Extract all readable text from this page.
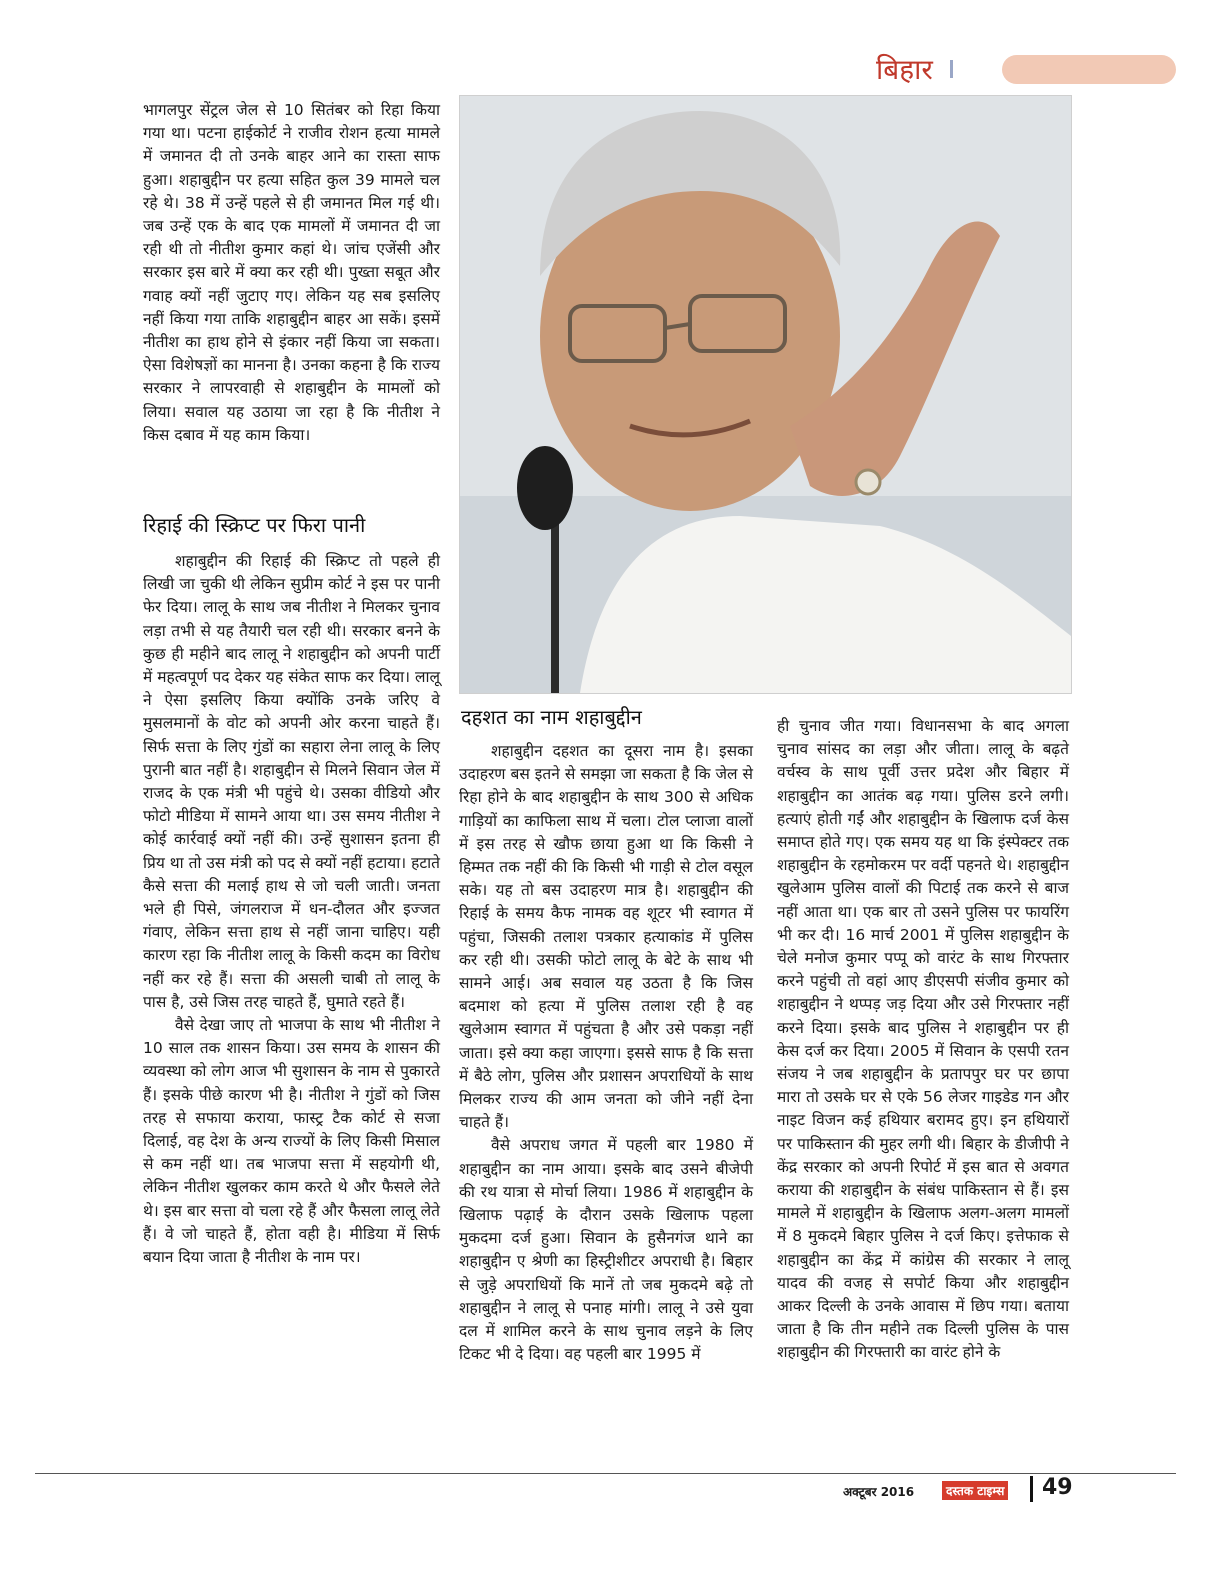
बिहार

भागलपुर सेंट्रल जेल से 10 सितंबर को रिहा किया गया था। पटना हाईकोर्ट ने राजीव रोशन हत्या मामले में जमानत दी तो उनके बाहर आने का रास्ता साफ हुआ। शहाबुद्दीन पर हत्या सहित कुल 39 मामले चल रहे थे। 38 में उन्हें पहले से ही जमानत मिल गई थी। जब उन्हें एक के बाद एक मामलों में जमानत दी जा रही थी तो नीतीश कुमार कहां थे। जांच एजेंसी और सरकार इस बारे में क्या कर रही थी। पुख्ता सबूत और गवाह क्यों नहीं जुटाए गए। लेकिन यह सब इसलिए नहीं किया गया ताकि शहाबुद्दीन बाहर आ सकें। इसमें नीतीश का हाथ होने से इंकार नहीं किया जा सकता। ऐसा विशेषज्ञों का मानना है। उनका कहना है कि राज्य सरकार ने लापरवाही से शहाबुद्दीन के मामलों को लिया। सवाल यह उठाया जा रहा है कि नीतीश ने किस दबाव में यह काम किया।

रिहाई की स्क्रिप्ट पर फिरा पानी

शहाबुद्दीन की रिहाई की स्क्रिप्ट तो पहले ही लिखी जा चुकी थी लेकिन सुप्रीम कोर्ट ने इस पर पानी फेर दिया। लालू के साथ जब नीतीश ने मिलकर चुनाव लड़ा तभी से यह तैयारी चल रही थी। सरकार बनने के कुछ ही महीने बाद लालू ने शहाबुद्दीन को अपनी पार्टी में महत्वपूर्ण पद देकर यह संकेत साफ कर दिया। लालू ने ऐसा इसलिए किया क्योंकि उनके जरिए वे मुसलमानों के वोट को अपनी ओर करना चाहते हैं। सिर्फ सत्ता के लिए गुंडों का सहारा लेना लालू के लिए पुरानी बात नहीं है। शहाबुद्दीन से मिलने सिवान जेल में राजद के एक मंत्री भी पहुंचे थे। उसका वीडियो और फोटो मीडिया में सामने आया था। उस समय नीतीश ने कोई कार्रवाई क्यों नहीं की। उन्हें सुशासन इतना ही प्रिय था तो उस मंत्री को पद से क्यों नहीं हटाया। हटाते कैसे सत्ता की मलाई हाथ से जो चली जाती। जनता भले ही पिसे, जंगलराज में धन-दौलत और इज्जत गंवाए, लेकिन सत्ता हाथ से नहीं जाना चाहिए। यही कारण रहा कि नीतीश लालू के किसी कदम का विरोध नहीं कर रहे हैं। सत्ता की असली चाबी तो लालू के पास है, उसे जिस तरह चाहते हैं, घुमाते रहते हैं।

वैसे देखा जाए तो भाजपा के साथ भी नीतीश ने 10 साल तक शासन किया। उस समय के शासन की व्यवस्था को लोग आज भी सुशासन के नाम से पुकारते हैं। इसके पीछे कारण भी है। नीतीश ने गुंडों को जिस तरह से सफाया कराया, फास्ट्र टैक कोर्ट से सजा दिलाई, वह देश के अन्य राज्यों के लिए किसी मिसाल से कम नहीं था। तब भाजपा सत्ता में सहयोगी थी, लेकिन नीतीश खुलकर काम करते थे और फैसले लेते थे। इस बार सत्ता वो चला रहे हैं और फैसला लालू लेते हैं। वे जो चाहते हैं, होता वही है। मीडिया में सिर्फ बयान दिया जाता है नीतीश के नाम पर।

दहशत का नाम शहाबुद्दीन

शहाबुद्दीन दहशत का दूसरा नाम है। इसका उदाहरण बस इतने से समझा जा सकता है कि जेल से रिहा होने के बाद शहाबुद्दीन के साथ 300 से अधिक गाड़ियों का काफिला साथ में चला। टोल प्लाजा वालों में इस तरह से खौफ छाया हुआ था कि किसी ने हिम्मत तक नहीं की कि किसी भी गाड़ी से टोल वसूल सके। यह तो बस उदाहरण मात्र है। शहाबुद्दीन की रिहाई के समय कैफ नामक वह शूटर भी स्वागत में पहुंचा, जिसकी तलाश पत्रकार हत्याकांड में पुलिस कर रही थी। उसकी फोटो लालू के बेटे के साथ भी सामने आई। अब सवाल यह उठता है कि जिस बदमाश को हत्या में पुलिस तलाश रही है वह खुलेआम स्वागत में पहुंचता है और उसे पकड़ा नहीं जाता। इसे क्या कहा जाएगा। इससे साफ है कि सत्ता में बैठे लोग, पुलिस और प्रशासन अपराधियों के साथ मिलकर राज्य की आम जनता को जीने नहीं देना चाहते हैं।

वैसे अपराध जगत में पहली बार 1980 में शहाबुद्दीन का नाम आया। इसके बाद उसने बीजेपी की रथ यात्रा से मोर्चा लिया। 1986 में शहाबुद्दीन के खिलाफ पढ़ाई के दौरान उसके खिलाफ पहला मुकदमा दर्ज हुआ। सिवान के हुसैनगंज थाने का शहाबुद्दीन ए श्रेणी का हिस्ट्रीशीटर अपराधी है। बिहार से जुड़े अपराधियों कि मानें तो जब मुकदमे बढ़े तो शहाबुद्दीन ने लालू से पनाह मांगी। लालू ने उसे युवा दल में शामिल करने के साथ चुनाव लड़ने के लिए टिकट भी दे दिया। वह पहली बार 1995 में

ही चुनाव जीत गया। विधानसभा के बाद अगला चुनाव सांसद का लड़ा और जीता। लालू के बढ़ते वर्चस्व के साथ पूर्वी उत्तर प्रदेश और बिहार में शहाबुद्दीन का आतंक बढ़ गया। पुलिस डरने लगी। हत्याएं होती गईं और शहाबुद्दीन के खिलाफ दर्ज केस समाप्त होते गए। एक समय यह था कि इंस्पेक्टर तक शहाबुद्दीन के रहमोकरम पर वर्दी पहनते थे। शहाबुद्दीन खुलेआम पुलिस वालों की पिटाई तक करने से बाज नहीं आता था। एक बार तो उसने पुलिस पर फायरिंग भी कर दी। 16 मार्च 2001 में पुलिस शहाबुद्दीन के चेले मनोज कुमार पप्पू को वारंट के साथ गिरफ्तार करने पहुंची तो वहां आए डीएसपी संजीव कुमार को शहाबुद्दीन ने थप्पड़ जड़ दिया और उसे गिरफ्तार नहीं करने दिया। इसके बाद पुलिस ने शहाबुद्दीन पर ही केस दर्ज कर दिया। 2005 में सिवान के एसपी रतन संजय ने जब शहाबुद्दीन के प्रतापपुर घर पर छापा मारा तो उसके घर से एके 56 लेजर गाइडेड गन और नाइट विजन कई हथियार बरामद हुए। इन हथियारों पर पाकिस्तान की मुहर लगी थी। बिहार के डीजीपी ने केंद्र सरकार को अपनी रिपोर्ट में इस बात से अवगत कराया की शहाबुद्दीन के संबंध पाकिस्तान से हैं। इस मामले में शहाबुद्दीन के खिलाफ अलग-अलग मामलों में 8 मुकदमे बिहार पुलिस ने दर्ज किए। इत्तेफाक से शहाबुद्दीन का केंद्र में कांग्रेस की सरकार ने लालू यादव की वजह से सपोर्ट किया और शहाबुद्दीन आकर दिल्ली के उनके आवास में छिप गया। बताया जाता है कि तीन महीने तक दिल्ली पुलिस के पास शहाबुद्दीन की गिरफ्तारी का वारंट होने के

अक्टूबर 2016	दस्तक टाइम्स 49
